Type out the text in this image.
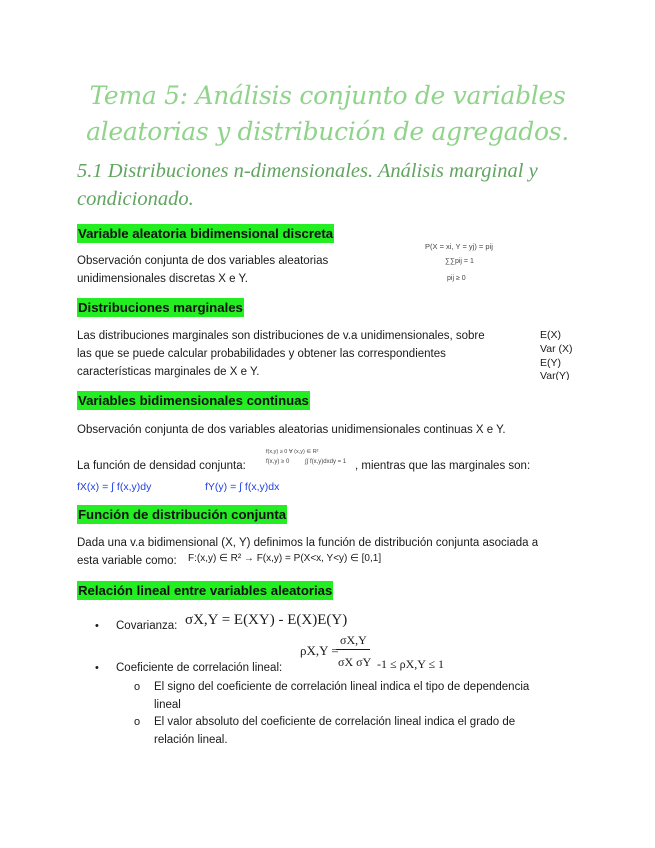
Tema 5: Análisis conjunto de variables
aleatorias y distribución de agregados.
5.1 Distribuciones n-dimensionales. Análisis marginal y
condicionado.
Variable aleatoria bidimensional discreta
Observación conjunta de dos variables aleatorias
unidimensionales discretas X e Y.
P(X = xi, Y = yj) = pij
∑∑pij = 1
pij ≥ 0
Distribuciones marginales
Las distribuciones marginales son distribuciones de v.a unidimensionales, sobre
las que se puede calcular probabilidades y obtener las correspondientes
características marginales de X e Y.
E(X)
Var (X)
E(Y)
Var(Y)
Variables bidimensionales continuas
Observación conjunta de dos variables aleatorias unidimensionales continuas X e Y.
La función de densidad conjunta:
f(x,y) ≥ 0 ∀ (x,y) ∈ R²
f(x,y) ≥ 0	∫∫ f(x,y)dxdy = 1 , mientras que las marginales son:
fX(x) = ∫ f(x,y)dy	fY(y) = ∫ f(x,y)dx
Función de distribución conjunta
Dada una v.a bidimensional (X, Y) definimos la función de distribución conjunta asociada a
esta variable como: F:(x,y) ∈ R² → F(x,y) = P(X<x, Y<y) ∈ [0,1]
Relación lineal entre variables aleatorias
• Covarianza: σX,Y = E(XY) - E(X)E(Y)
σX,Y
ρX,Y =
• Coeficiente de correlación lineal:	σX σY -1 ≤ ρX,Y ≤ 1
o El signo del coeficiente de correlación lineal indica el tipo de dependencia
lineal
o El valor absoluto del coeficiente de correlación lineal indica el grado de
relación lineal.
